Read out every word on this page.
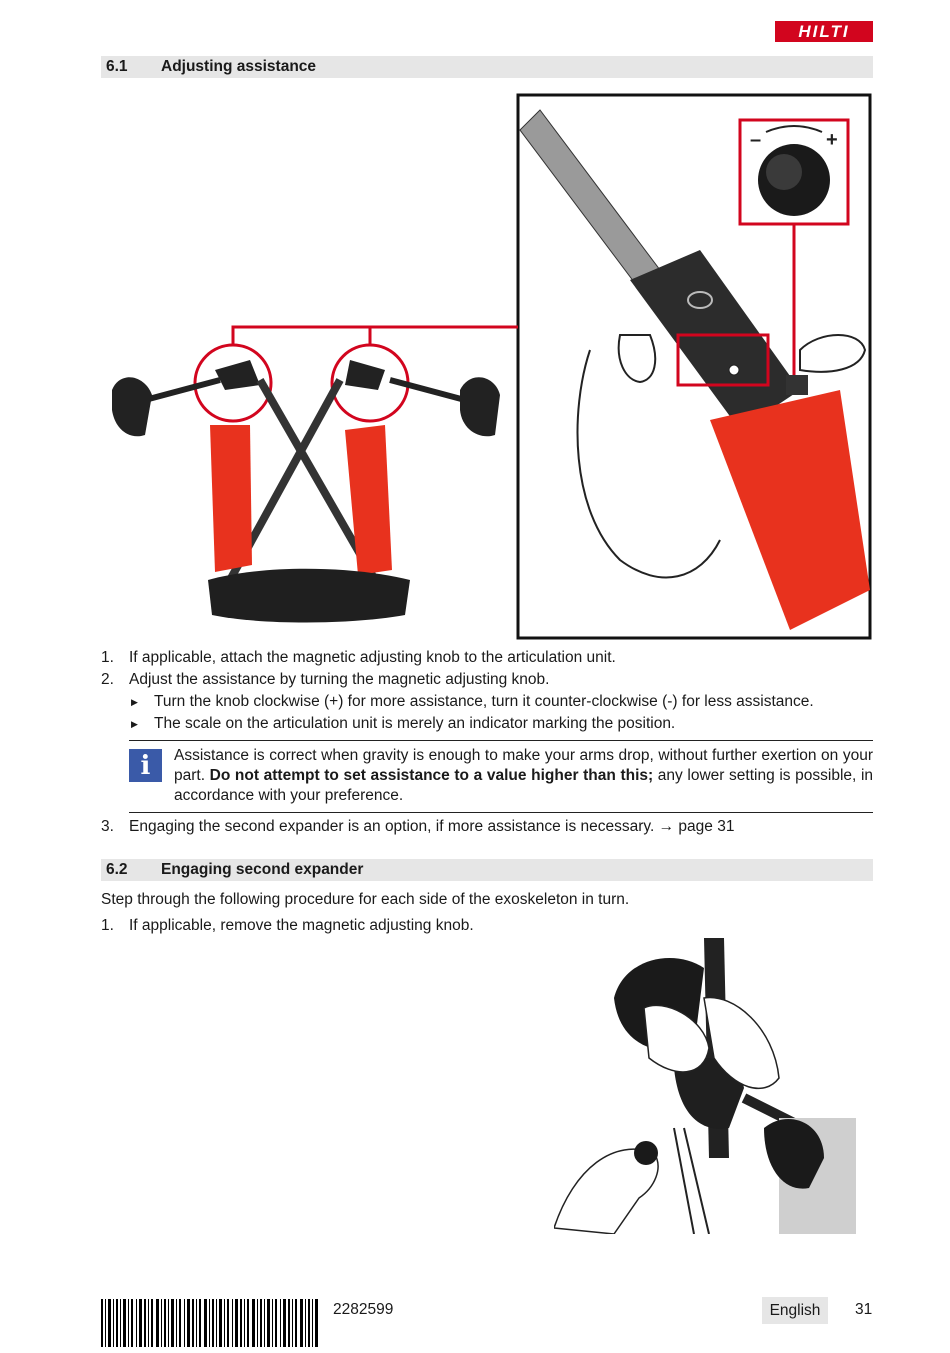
HILTI
6.1 Adjusting assistance
–	+
1. If applicable, attach the magnetic adjusting knob to the articulation unit.
2. Adjust the assistance by turning the magnetic adjusting knob.
▶ Turn the knob clockwise (+) for more assistance, turn it counter-clockwise (-) for less assistance.
▶ The scale on the articulation unit is merely an indicator marking the position.
i	Assistance is correct when gravity is enough to make your arms drop, without further exertion on your part. Do not attempt to set assistance to a value higher than this; any lower setting is possible, in accordance with your preference.
3. Engaging the second expander is an option, if more assistance is necessary. → page 31
6.2 Engaging second expander
Step through the following procedure for each side of the exoskeleton in turn.
1. If applicable, remove the magnetic adjusting knob.
2282599	English	31
